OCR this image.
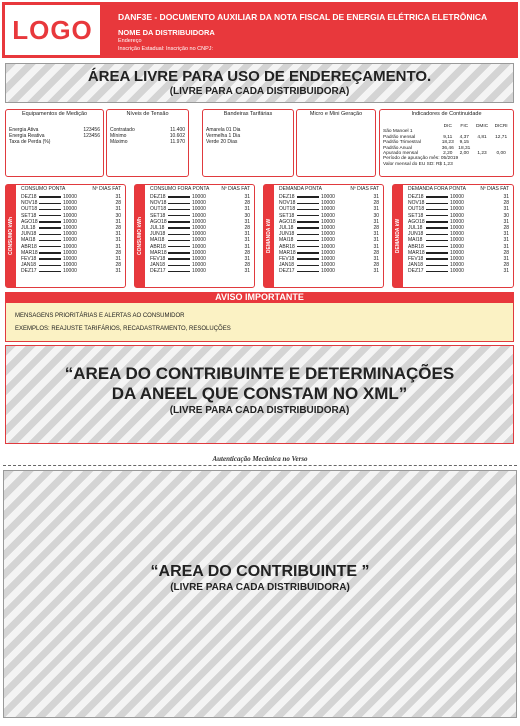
LOGO	DANF3E - DOCUMENTO AUXILIAR DA NOTA FISCAL DE ENERGIA ELÉTRICA ELETRÔNICA
NOME DA DISTRIBUIDORA
Endereço
Inscrição Estadual: Inscrição no CNPJ:
ÁREA LIVRE PARA USO DE ENDEREÇAMENTO.
(LIVRE PARA CADA DISTRIBUIDORA)
Equipamentos de Medição
Energia Ativa	123456
Energia Reativa	123456
Taxa de Perda (%)
Níveis de Tensão
Contratado	11.400
Mínimo	10.602
Máximo	11.970
Bandeiras Tarifárias
Amarela 01 Dia
Vermelha 1 Dia
Verde 20 Dias
Micro e Mini Geração	Indicadores de Continuidade
DIC	FIC	DMIC	DICRI
São Manoel 1
Padrão mensal	9,11	4,37	4,81	12,71
Padrão Trimestral	18,23	9,15
Padrão Anual	36,46 18,31
Apurado mensal	2,20	2,00	1,23	0,00
Período de apuração mês: 05/2019
Valor mensal do EU SD: R$ 1,23
CONSUMO kWh
CONSUMO PONTA	Nº DIAS FAT
DEZ18	10000	31
NOV18	10000	28
OUT18	10000	31
SET18	10000	30
AGO18	10000	31
JUL18	10000	28
JUN18	10000	31
MAI18	10000	31
ABR18	10000	31
MAR18	10000	28
FEV18	10000	31
JAN18	10000	28
DEZ17	10000	31
CONSUMO kWh
CONSUMO FORA PONTA Nº DIAS FAT
DEZ18	10000	31
NOV18	10000	28
OUT18	10000	31
SET18	10000	30
AGO18	10000	31
JUL18	10000	28
JUN18	10000	31
MAI18	10000	31
ABR18	10000	31
MAR18	10000	28
FEV18	10000	31
JAN18	10000	28
DEZ17	10000	31
DEMANDA kW
DEMANDA PONTA	Nº DIAS FAT
DEZ18	10000	31
NOV18	10000	28
OUT18	10000	31
SET18	10000	30
AGO18	10000	31
JUL18	10000	28
JUN18	10000	31
MAI18	10000	31
ABR18	10000	31
MAR18	10000	28
FEV18	10000	31
JAN18	10000	28
DEZ17	10000	31
DEMANDA kW
DEMANDA FORA PONTA	Nº DIAS FAT
DEZ18	10000	31
NOV18	10000	28
OUT18	10000	31
SET18	10000	30
AGO18	10000	31
JUL18	10000	28
JUN18	10000	31
MAI18	10000	31
ABR18	10000	31
MAR18	10000	28
FEV18	10000	31
JAN18	10000	28
DEZ17	10000	31
AVISO IMPORTANTE
MENSAGENS PRIORITÁRIAS E ALERTAS AO CONSUMIDOR
EXEMPLOS: REAJUSTE TARIFÁRIOS, RECADASTRAMENTO, RESOLUÇÕES
“AREA DO CONTRIBUINTE E DETERMINAÇÕES
DA ANEEL QUE CONSTAM NO XML”
(LIVRE PARA CADA DISTRIBUIDORA)
Autenticação Mecânica no Verso
“AREA DO CONTRIBUINTE ”
(LIVRE PARA CADA DISTRIBUIDORA)
